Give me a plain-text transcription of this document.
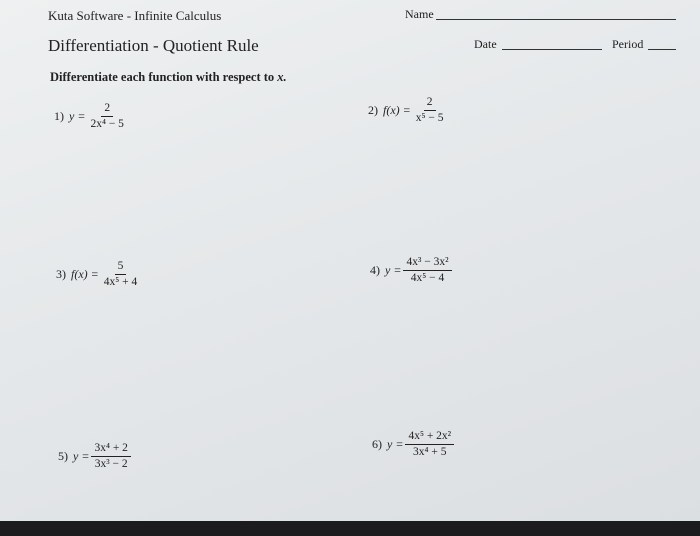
Kuta Software - Infinite Calculus	Name
Differentiation - Quotient Rule	Date	Period
Differentiate each function with respect to x.
1) $y = \frac{2}{\text{2x⁴ − 5}}$	2) $f(x) = \frac{2}{\text{x⁵ − 5}}$
3) $f(x) = \frac{5}{\text{4x⁵ + 4}}$	4) $y = \frac{\text{4x³ − 3x²}}{\text{4x⁵ − 4}}$
5) $y = \frac{\text{3x⁴ + 2}}{\text{3x³ − 2}}$	6) $y = \frac{\text{4x⁵ + 2x²}}{\text{3x⁴ + 5}}$
